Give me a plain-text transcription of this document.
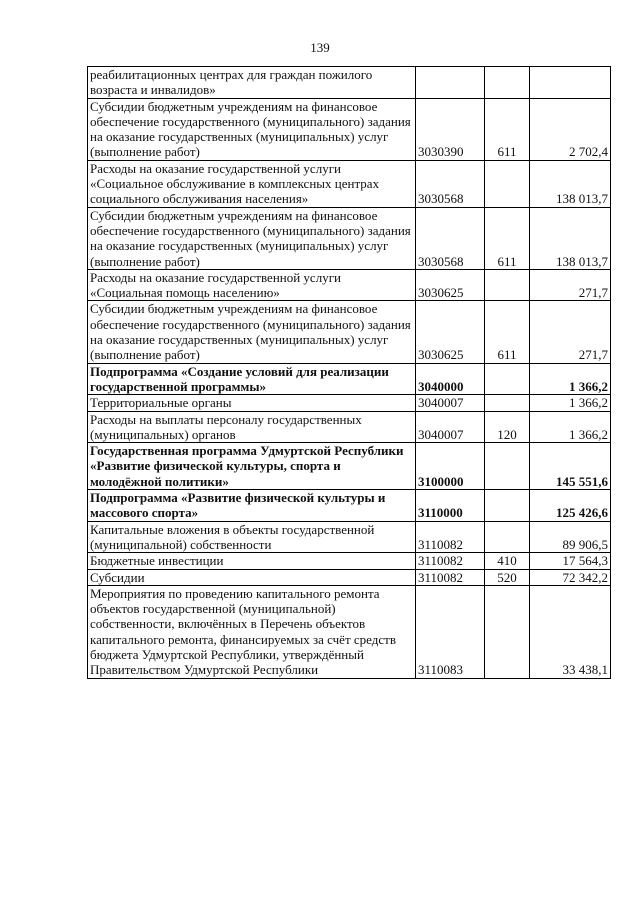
139
реабилитационных центрах для граждан пожилого возраста и инвалидов»			
Субсидии бюджетным учреждениям на финансовое обеспечение государственного (муниципального) задания на оказание государственных (муниципальных) услуг (выполнение работ)	3030390	611	2 702,4
Расходы на оказание государственной услуги «Социальное обслуживание в комплексных центрах социального обслуживания населения»	3030568		138 013,7
Субсидии бюджетным учреждениям на финансовое обеспечение государственного (муниципального) задания на оказание государственных (муниципальных) услуг (выполнение работ)	3030568	611	138 013,7
Расходы на оказание государственной услуги «Социальная помощь населению»	3030625		271,7
Субсидии бюджетным учреждениям на финансовое обеспечение государственного (муниципального) задания на оказание государственных (муниципальных) услуг (выполнение работ)	3030625	611	271,7
Подпрограмма «Создание условий для реализации государственной программы»	3040000		1 366,2
Территориальные органы	3040007		1 366,2
Расходы на выплаты персоналу государственных (муниципальных) органов	3040007	120	1 366,2
Государственная программа Удмуртской Республики «Развитие физической культуры, спорта и молодёжной политики»	3100000		145 551,6
Подпрограмма «Развитие физической культуры и массового спорта»	3110000		125 426,6
Капитальные вложения в объекты государственной (муниципальной) собственности	3110082		89 906,5
Бюджетные инвестиции	3110082	410	17 564,3
Субсидии	3110082	520	72 342,2
Мероприятия по проведению капитального ремонта объектов государственной (муниципальной) собственности, включённых в Перечень объектов капитального ремонта, финансируемых за счёт средств бюджета Удмуртской Республики, утверждённый Правительством Удмуртской Республики	3110083		33 438,1
